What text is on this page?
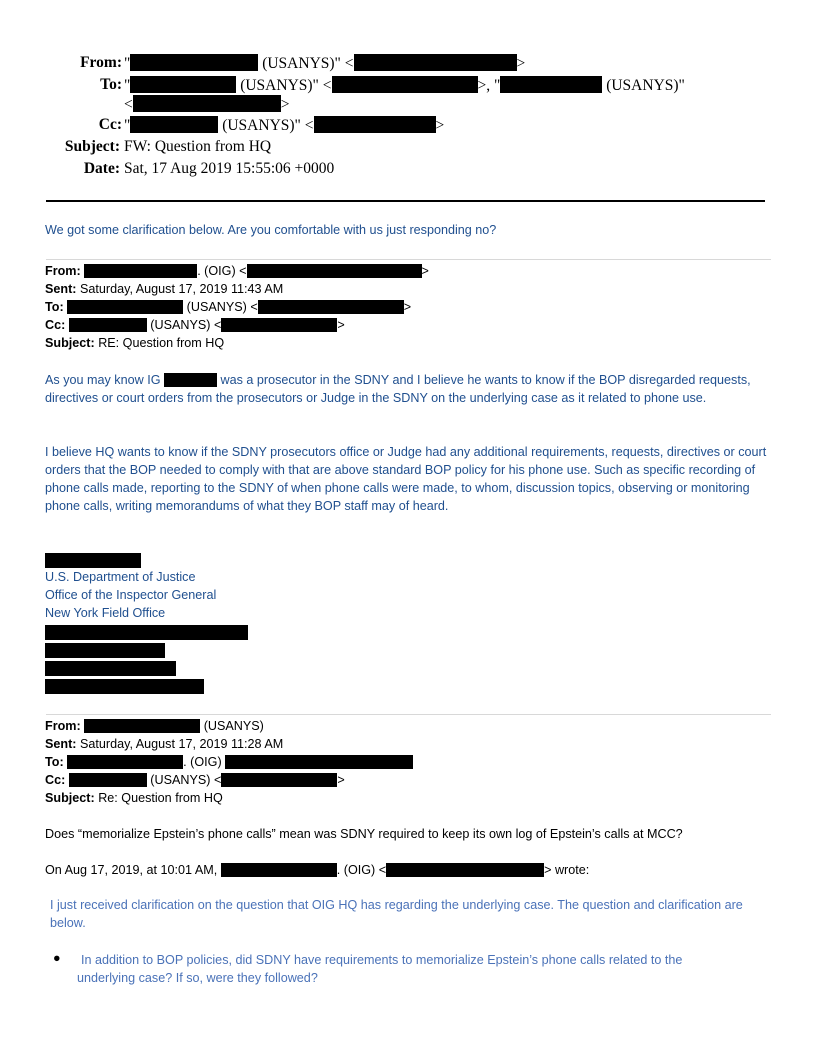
From: "	(USANYS)" <	>
To: "	(USANYS)" <	>, "	(USANYS)"
<	>
Cc: "	(USANYS)" <	>
Subject: FW: Question from HQ
Date: Sat, 17 Aug 2019 15:55:06 +0000
We got some clarification below. Are you comfortable with us just responding no?
From:	. (OIG) <	>
Sent: Saturday, August 17, 2019 11:43 AM
To:	(USANYS) <	>
Cc:	(USANYS) <	>
Subject: RE: Question from HQ
As you may know IG	was a prosecutor in the SDNY and I believe he wants to know if the BOP disregarded requests, directives or court orders from the prosecutors or Judge in the SDNY on the underlying case as it related to phone use.
I believe HQ wants to know if the SDNY prosecutors office or Judge had any additional requirements, requests, directives or court orders that the BOP needed to comply with that are above standard BOP policy for his phone use. Such as specific recording of phone calls made, reporting to the SDNY of when phone calls were made, to whom, discussion topics, observing or monitoring phone calls, writing memorandums of what they BOP staff may of heard.
U.S. Department of Justice
Office of the Inspector General
New York Field Office
From:	(USANYS)
Sent: Saturday, August 17, 2019 11:28 AM
To:	. (OIG)
Cc:	(USANYS) <	>
Subject: Re: Question from HQ
Does “memorialize Epstein’s phone calls” mean was SDNY required to keep its own log of Epstein’s calls at MCC?
On Aug 17, 2019, at 10:01 AM,	. (OIG) <	> wrote:
I just received clarification on the question that OIG HQ has regarding the underlying case. The question and clarification are below.
●	In addition to BOP policies, did SDNY have requirements to memorialize Epstein’s phone calls related to the underlying case? If so, were they followed?
